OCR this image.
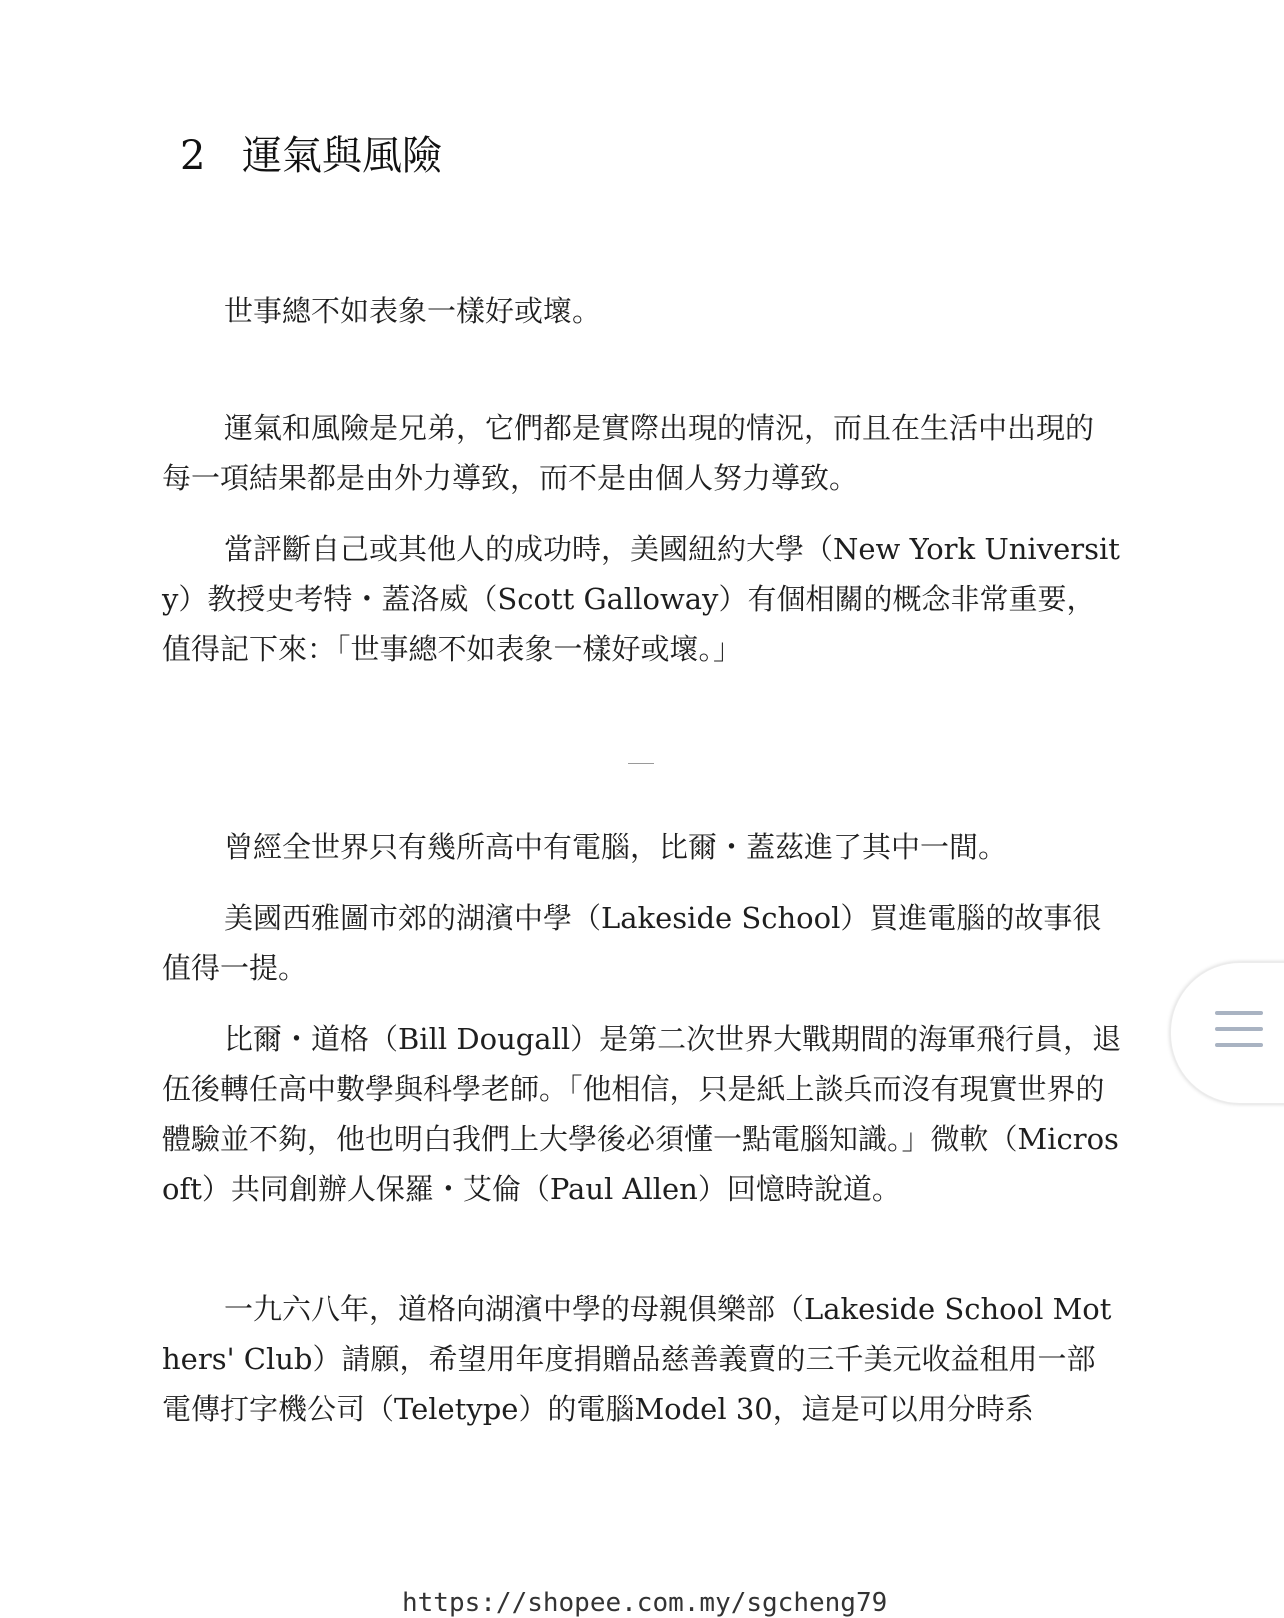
2 運氣與風險

世事總不如表象一樣好或壞。

運氣和風險是兄弟，它們都是實際出現的情況，而且在生活中出現的每一項結果都是由外力導致，而不是由個人努力導致。

當評斷自己或其他人的成功時，美國紐約大學（New York University）教授史考特・蓋洛威（Scott Galloway）有個相關的概念非常重要，值得記下來：「世事總不如表象一樣好或壞。」

曾經全世界只有幾所高中有電腦，比爾・蓋茲進了其中一間。

美國西雅圖市郊的湖濱中學（Lakeside School）買進電腦的故事很值得一提。

比爾・道格（Bill Dougall）是第二次世界大戰期間的海軍飛行員，退伍後轉任高中數學與科學老師。「他相信，只是紙上談兵而沒有現實世界的體驗並不夠，他也明白我們上大學後必須懂一點電腦知識。」微軟（Microsoft）共同創辦人保羅・艾倫（Paul Allen）回憶時說道。

一九六八年，道格向湖濱中學的母親俱樂部（Lakeside School Mothers' Club）請願，希望用年度捐贈品慈善義賣的三千美元收益租用一部電傳打字機公司（Teletype）的電腦Model 30，這是可以用分時系

https://shopee.com.my/sgcheng79
